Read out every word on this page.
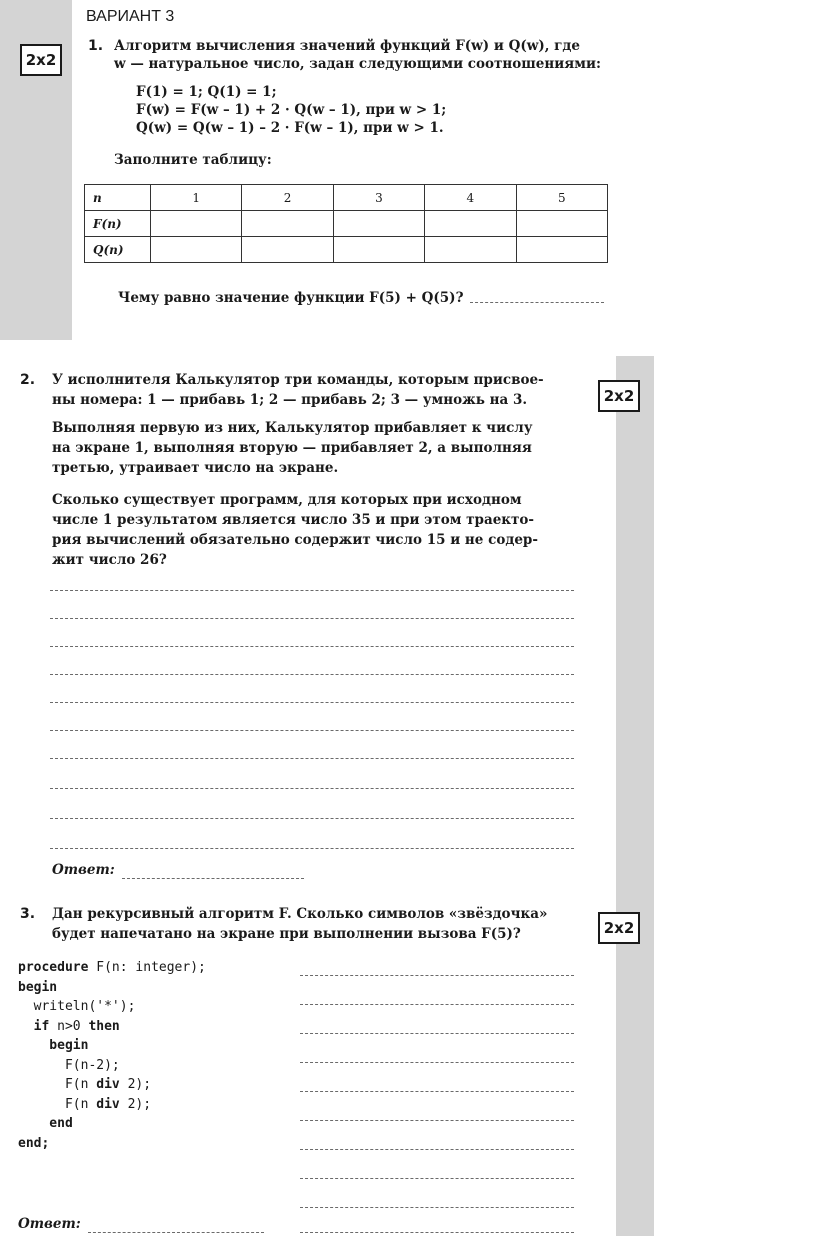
2x2
2x2
2x2
ВАРИАНТ 3
1. Алгоритм вычисления значений функций F(w) и Q(w), где
w — натуральное число, задан следующими соотношениями:
F(1) = 1; Q(1) = 1;
F(w) = F(w – 1) + 2 · Q(w – 1), при w > 1;
Q(w) = Q(w – 1) – 2 · F(w – 1), при w > 1.
Заполните таблицу:
n	1	2	3	4	5
F(n)					
Q(n)					
Чему равно значение функции F(5) + Q(5)?
2. У исполнителя Калькулятор три команды, которым присвое-
ны номера: 1 — прибавь 1; 2 — прибавь 2; 3 — умножь на 3.
Выполняя первую из них, Калькулятор прибавляет к числу
на экране 1, выполняя вторую — прибавляет 2, а выполняя
третью, утраивает число на экране.
Сколько существует программ, для которых при исходном
числе 1 результатом является число 35 и при этом траекто-
рия вычислений обязательно содержит число 15 и не содер-
жит число 26?
Ответ:
3. Дан рекурсивный алгоритм F. Сколько символов «звёздочка»
будет напечатано на экране при выполнении вызова F(5)?
procedure F(n: integer);
begin
writeln('*');
if n>0 then
begin
F(n-2);
F(n div 2);
F(n div 2);
end
end;
Ответ:
